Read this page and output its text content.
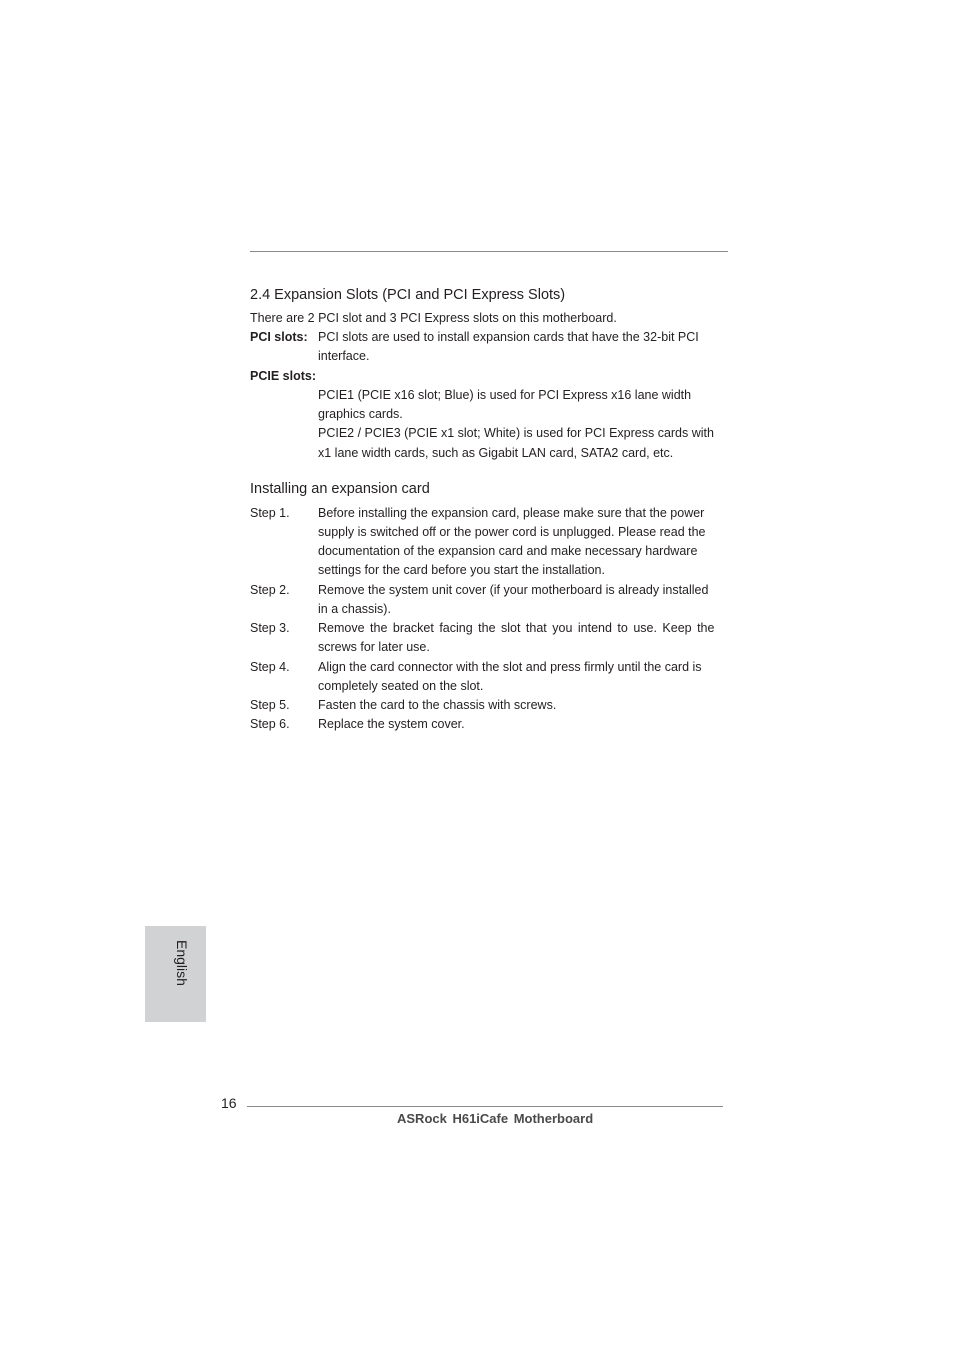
2.4 Expansion Slots (PCI and PCI Express Slots)
There are 2 PCI slot and 3 PCI Express slots on this motherboard.
PCI slots: PCI slots are used to install expansion cards that have the 32-bit PCI
interface.
PCIE slots:
PCIE1 (PCIE x16 slot; Blue) is used for PCI Express x16 lane width
graphics cards.
PCIE2 / PCIE3 (PCIE x1 slot; White) is used for PCI Express cards with
x1 lane width cards, such as Gigabit LAN card, SATA2 card, etc.
Installing an expansion card
Step 1. Before installing the expansion card, please make sure that the power
supply is switched off or the power cord is unplugged. Please read the
documentation of the expansion card and make necessary hardware
settings for the card before you start the installation.
Step 2. Remove the system unit cover (if your motherboard is already installed
in a chassis).
Step 3. Remove the bracket facing the slot that you intend to use. Keep the
screws for later use.
Step 4. Align the card connector with the slot and press firmly until the card is
completely seated on the slot.
Step 5. Fasten the card to the chassis with screws.
Step 6. Replace the system cover.
English
16
ASRock H61iCafe Motherboard
